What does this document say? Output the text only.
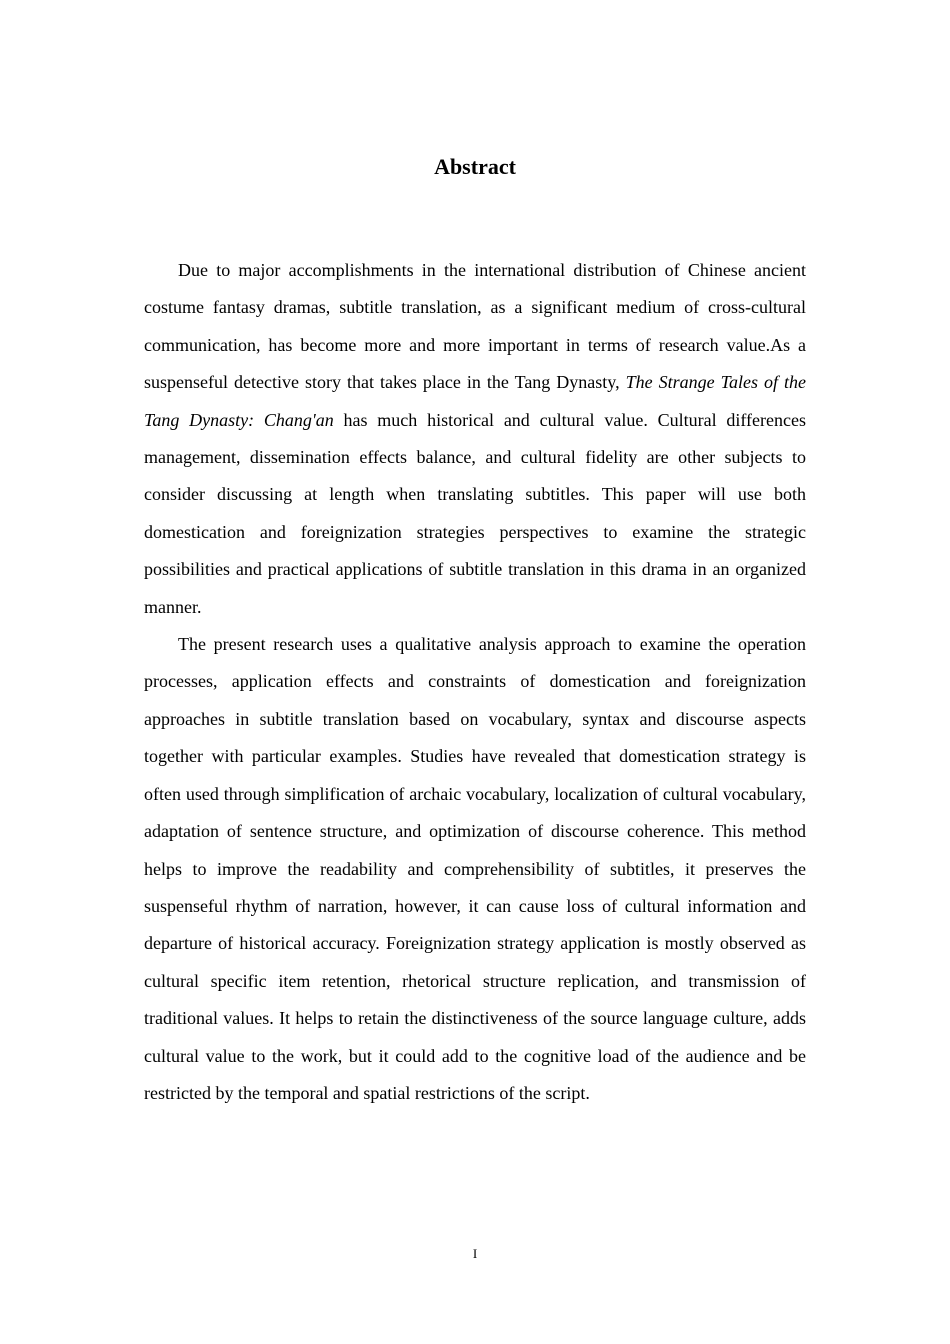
Abstract

Due to major accomplishments in the international distribution of Chinese ancient costume fantasy dramas, subtitle translation, as a significant medium of cross-cultural communication, has become more and more important in terms of research value.As a suspenseful detective story that takes place in the Tang Dynasty, The Strange Tales of the Tang Dynasty: Chang'an has much historical and cultural value. Cultural differences management, dissemination effects balance, and cultural fidelity are other subjects to consider discussing at length when translating subtitles. This paper will use both domestication and foreignization strategies perspectives to examine the strategic possibilities and practical applications of subtitle translation in this drama in an organized manner.

The present research uses a qualitative analysis approach to examine the operation processes, application effects and constraints of domestication and foreignization approaches in subtitle translation based on vocabulary, syntax and discourse aspects together with particular examples. Studies have revealed that domestication strategy is often used through simplification of archaic vocabulary, localization of cultural vocabulary, adaptation of sentence structure, and optimization of discourse coherence. This method helps to improve the readability and comprehensibility of subtitles, it preserves the suspenseful rhythm of narration, however, it can cause loss of cultural information and departure of historical accuracy. Foreignization strategy application is mostly observed as cultural specific item retention, rhetorical structure replication, and transmission of traditional values. It helps to retain the distinctiveness of the source language culture, adds cultural value to the work, but it could add to the cognitive load of the audience and be restricted by the temporal and spatial restrictions of the script.

I
